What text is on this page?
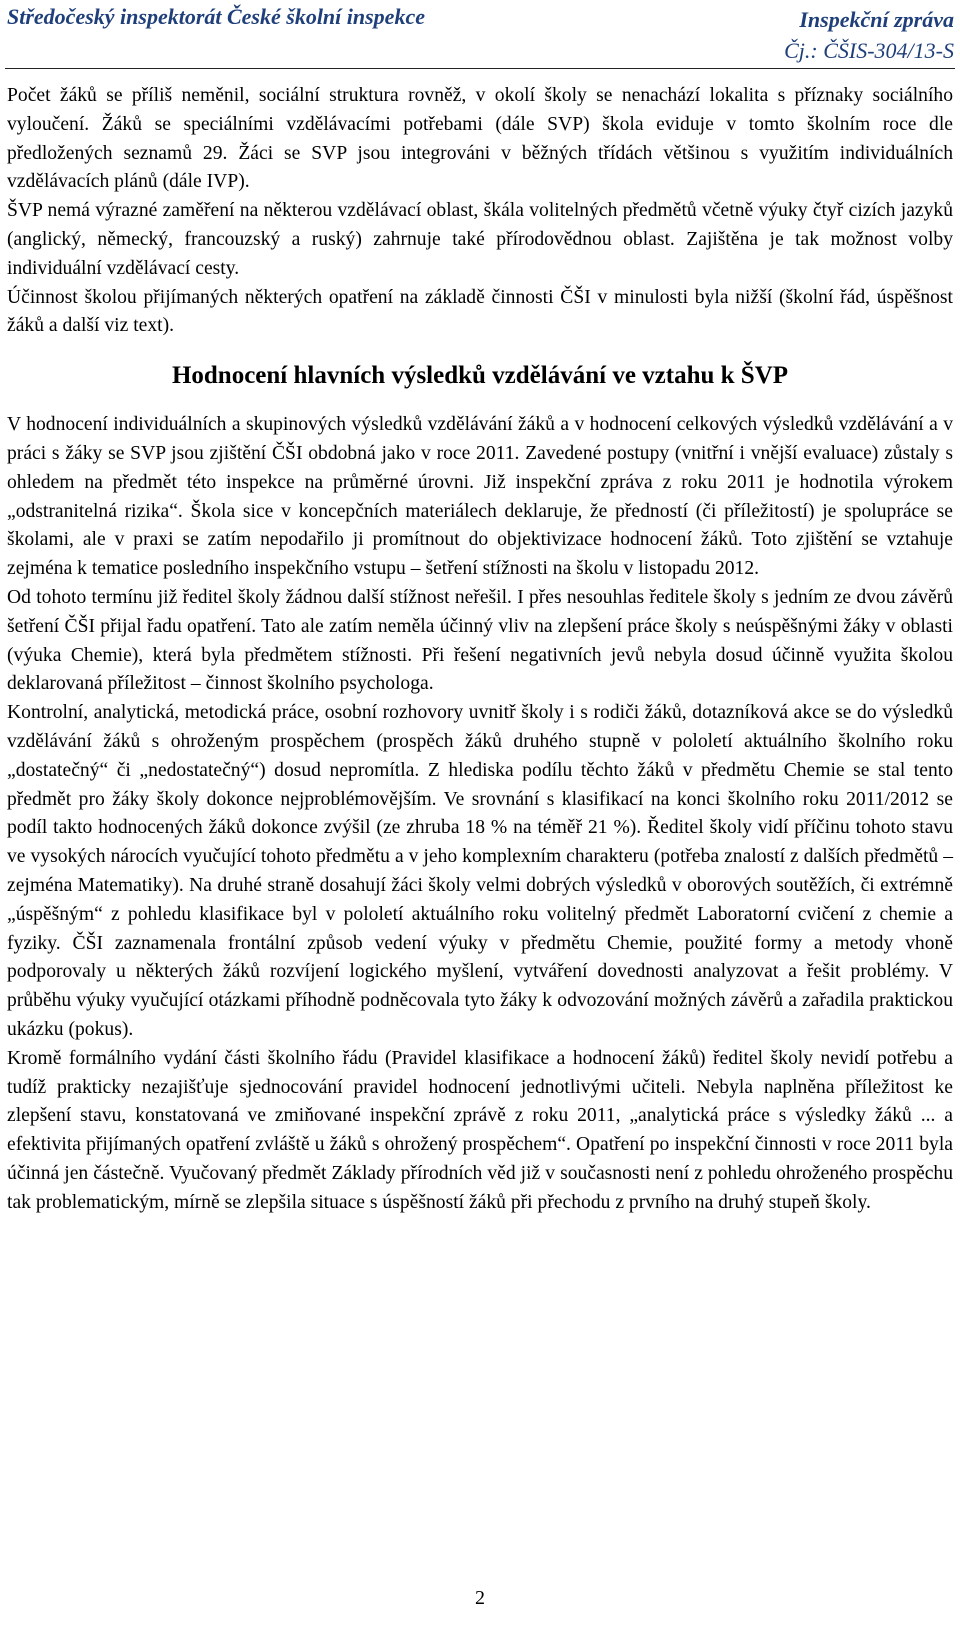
Středočeský inspektorát České školní inspekce	Inspekční zpráva
Čj.: ČŠIS-304/13-S

Počet žáků se příliš neměnil, sociální struktura rovněž, v okolí školy se nenachází lokalita s příznaky sociálního vyloučení. Žáků se speciálními vzdělávacími potřebami (dále SVP) škola eviduje v tomto školním roce dle předložených seznamů 29. Žáci se SVP jsou integrováni v běžných třídách většinou s využitím individuálních vzdělávacích plánů (dále IVP).

ŠVP nemá výrazné zaměření na některou vzdělávací oblast, škála volitelných předmětů včetně výuky čtyř cizích jazyků (anglický, německý, francouzský a ruský) zahrnuje také přírodovědnou oblast. Zajištěna je tak možnost volby individuální vzdělávací cesty.

Účinnost školou přijímaných některých opatření na základě činnosti ČŠI v minulosti byla nižší (školní řád, úspěšnost žáků a další viz text).

Hodnocení hlavních výsledků vzdělávání ve vztahu k ŠVP

V hodnocení individuálních a skupinových výsledků vzdělávání žáků a v hodnocení celkových výsledků vzdělávání a v práci s žáky se SVP jsou zjištění ČŠI obdobná jako v roce 2011. Zavedené postupy (vnitřní i vnější evaluace) zůstaly s ohledem na předmět této inspekce na průměrné úrovni. Již inspekční zpráva z roku 2011 je hodnotila výrokem „odstranitelná rizika“. Škola sice v koncepčních materiálech deklaruje, že předností (či příležitostí) je spolupráce se školami, ale v praxi se zatím nepodařilo ji promítnout do objektivizace hodnocení žáků. Toto zjištění se vztahuje zejména k tematice posledního inspekčního vstupu – šetření stížnosti na školu v listopadu 2012.

Od tohoto termínu již ředitel školy žádnou další stížnost neřešil. I přes nesouhlas ředitele školy s jedním ze dvou závěrů šetření ČŠI přijal řadu opatření. Tato ale zatím neměla účinný vliv na zlepšení práce školy s neúspěšnými žáky v oblasti (výuka Chemie), která byla předmětem stížnosti. Při řešení negativních jevů nebyla dosud účinně využita školou deklarovaná příležitost – činnost školního psychologa.

Kontrolní, analytická, metodická práce, osobní rozhovory uvnitř školy i s rodiči žáků, dotazníková akce se do výsledků vzdělávání žáků s ohroženým prospěchem (prospěch žáků druhého stupně v pololetí aktuálního školního roku „dostatečný“ či „nedostatečný“) dosud nepromítla. Z hlediska podílu těchto žáků v předmětu Chemie se stal tento předmět pro žáky školy dokonce nejproblémovějším. Ve srovnání s klasifikací na konci školního roku 2011/2012 se podíl takto hodnocených žáků dokonce zvýšil (ze zhruba 18 % na téměř 21 %). Ředitel školy vidí příčinu tohoto stavu ve vysokých nárocích vyučující tohoto předmětu a v jeho komplexním charakteru (potřeba znalostí z dalších předmětů – zejména Matematiky). Na druhé straně dosahují žáci školy velmi dobrých výsledků v oborových soutěžích, či extrémně „úspěšným“ z pohledu klasifikace byl v pololetí aktuálního roku volitelný předmět Laboratorní cvičení z chemie a fyziky. ČŠI zaznamenala frontální způsob vedení výuky v předmětu Chemie, použité formy a metody vhoně podporovaly u některých žáků rozvíjení logického myšlení, vytváření dovednosti analyzovat a řešit problémy. V průběhu výuky vyučující otázkami příhodně podněcovala tyto žáky k odvozování možných závěrů a zařadila praktickou ukázku (pokus).

Kromě formálního vydání části školního řádu (Pravidel klasifikace a hodnocení žáků) ředitel školy nevidí potřebu a tudíž prakticky nezajišťuje sjednocování pravidel hodnocení jednotlivými učiteli. Nebyla naplněna příležitost ke zlepšení stavu, konstatovaná ve zmiňované inspekční zprávě z roku 2011, „analytická práce s výsledky žáků ... a efektivita přijímaných opatření zvláště u žáků s ohrožený prospěchem“. Opatření po inspekční činnosti v roce 2011 byla účinná jen částečně. Vyučovaný předmět Základy přírodních věd již v současnosti není z pohledu ohroženého prospěchu tak problematickým, mírně se zlepšila situace s úspěšností žáků při přechodu z prvního na druhý stupeň školy.

2
